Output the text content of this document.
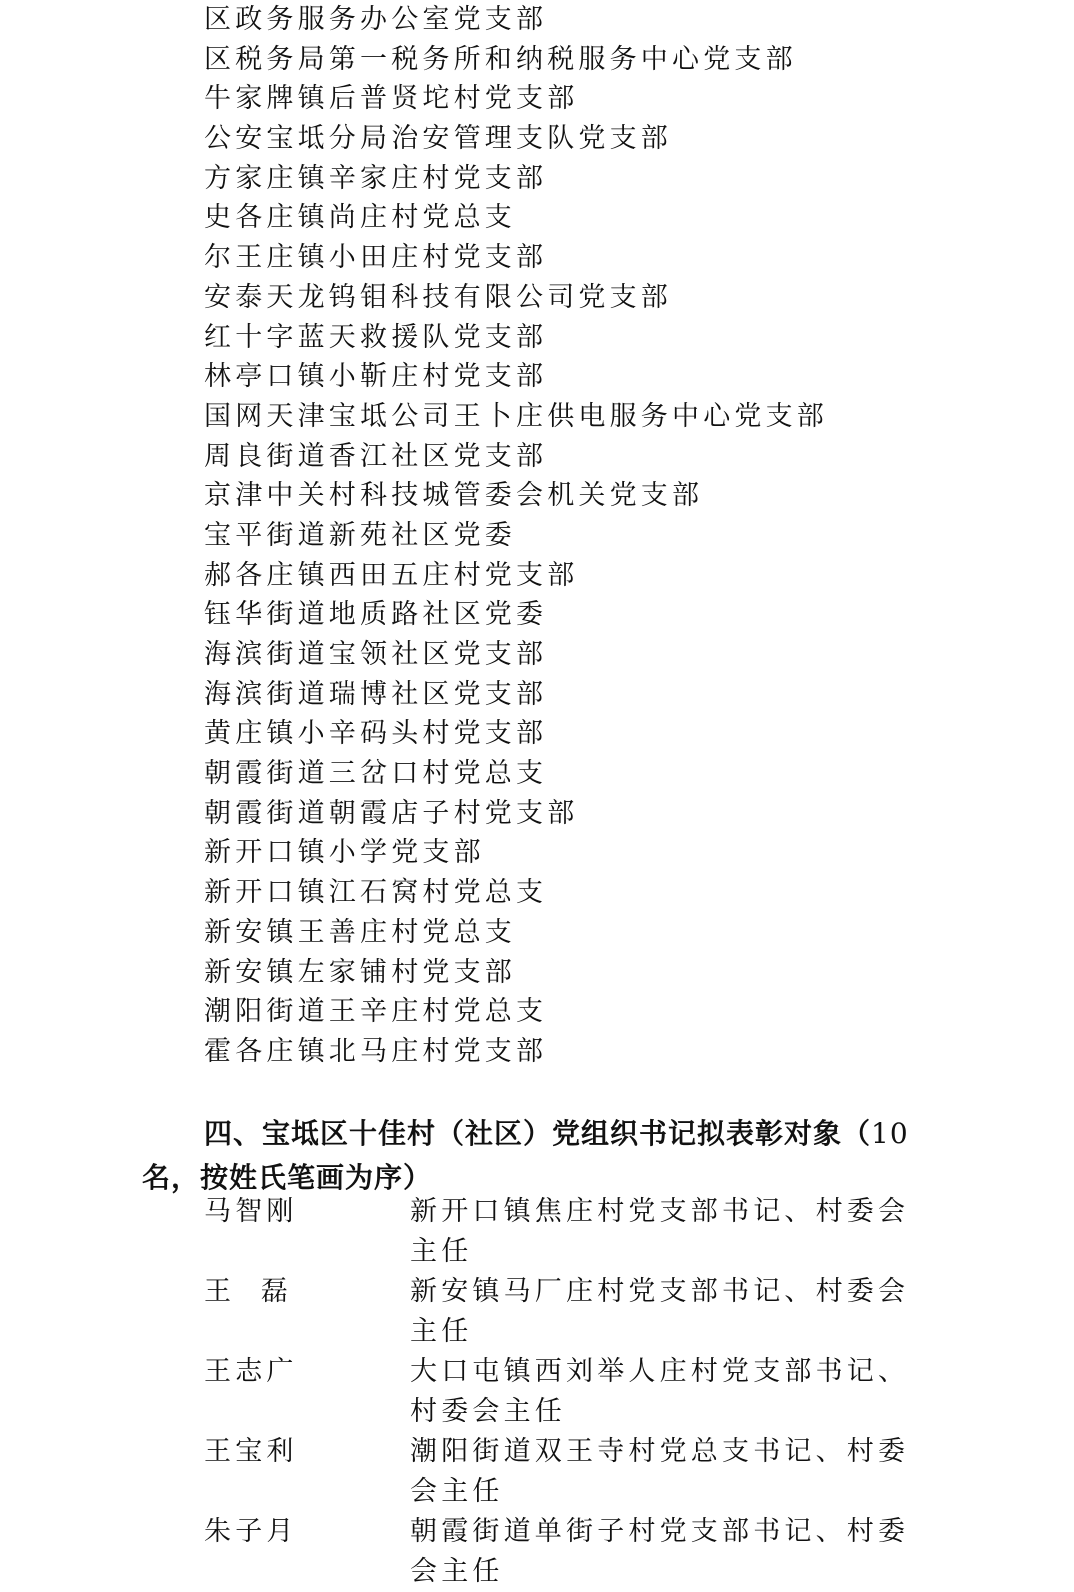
区政务服务办公室党支部
区税务局第一税务所和纳税服务中心党支部
牛家牌镇后普贤坨村党支部
公安宝坻分局治安管理支队党支部
方家庄镇辛家庄村党支部
史各庄镇尚庄村党总支
尔王庄镇小田庄村党支部
安泰天龙钨钼科技有限公司党支部
红十字蓝天救援队党支部
林亭口镇小靳庄村党支部
国网天津宝坻公司王卜庄供电服务中心党支部
周良街道香江社区党支部
京津中关村科技城管委会机关党支部
宝平街道新苑社区党委
郝各庄镇西田五庄村党支部
钰华街道地质路社区党委
海滨街道宝领社区党支部
海滨街道瑞博社区党支部
黄庄镇小辛码头村党支部
朝霞街道三岔口村党总支
朝霞街道朝霞店子村党支部
新开口镇小学党支部
新开口镇江石窝村党总支
新安镇王善庄村党总支
新安镇左家铺村党支部
潮阳街道王辛庄村党总支
霍各庄镇北马庄村党支部

四、宝坻区十佳村（社区）党组织书记拟表彰对象（10名，按姓氏笔画为序）

马智刚	新开口镇焦庄村党支部书记、村委会主任
王  磊	新安镇马厂庄村党支部书记、村委会主任
王志广	大口屯镇西刘举人庄村党支部书记、村委会主任
王宝利	潮阳街道双王寺村党总支书记、村委会主任
朱子月	朝霞街道单街子村党支部书记、村委会主任
